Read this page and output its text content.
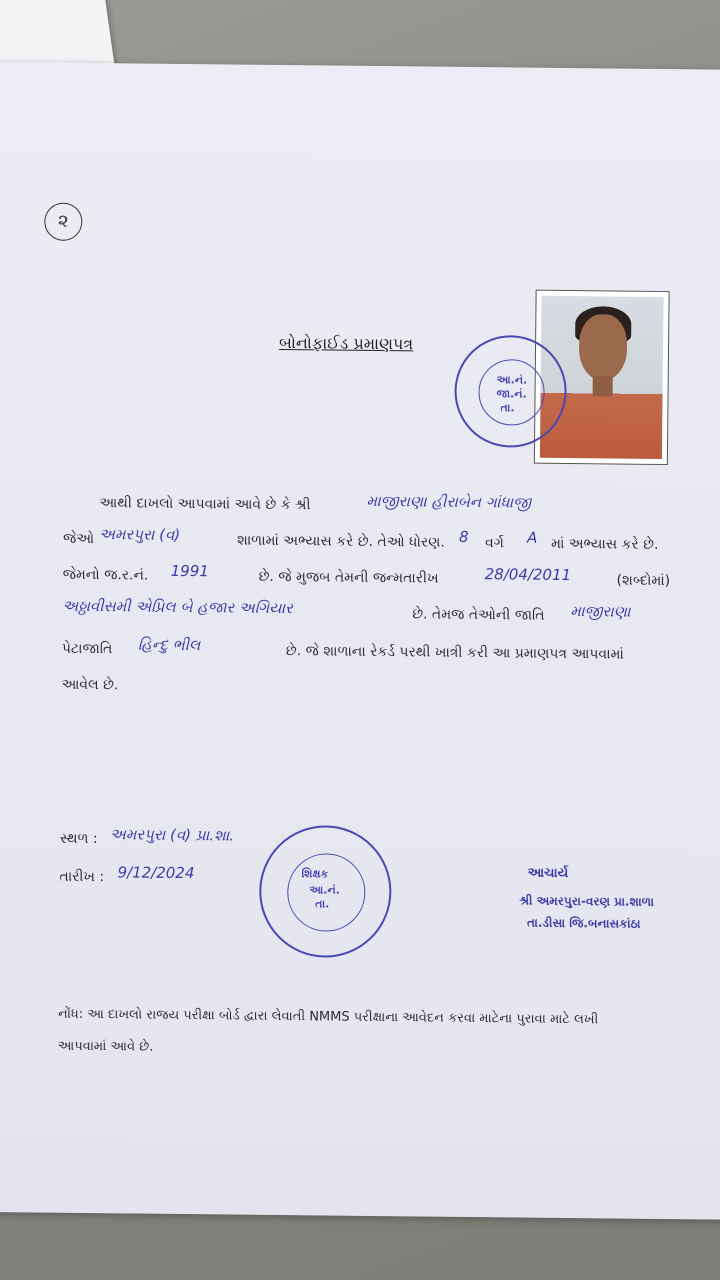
૨
બોનોફાઈડ પ્રમાણપત્ર
આ.નં.
જા.નં.
તા.
આથી દાખલો આપવામાં આવે છે કે શ્રી	માજીરાણા હીરાબેન ગાંધાજી
જેઓ અમરપુરા (વ)	શાળામાં અભ્યાસ કરે છે. તેઓ ધોરણ. 8 વર્ગ A માં અભ્યાસ કરે છે.
જેમનો જ.ર.નં. 1991	છે. જે મુજબ તેમની જન્મતારીખ	28/04/2011	(શબ્દોમાં)
અઠ્ઠાવીસમી એપ્રિલ બે હજાર અગિયાર	છે. તેમજ તેઓની જાતિ માજીરાણા
પેટાજાતિ હિન્દુ ભીલ	છે. જે શાળાના રેકર્ડ પરથી ખાત્રી કરી આ પ્રમાણપત્ર આપવામાં
આવેલ છે.
સ્થળ : અમરપુરા (વ) પ્રા.શા.
તારીખ : 9/12/2024	શિક્ષક
આ.નં.
તા.
આચાર્ય
શ્રી અમરપુરા-વરણ પ્રા.શાળા
તા.ડીસા જિ.બનાસકાંઠા
નોંધ: આ દાખલો રાજય પરીક્ષા બોર્ડ દ્વારા લેવાતી NMMS પરીક્ષાના આવેદન કરવા માટેના પુરાવા માટે લખી
આપવામાં આવે છે.
